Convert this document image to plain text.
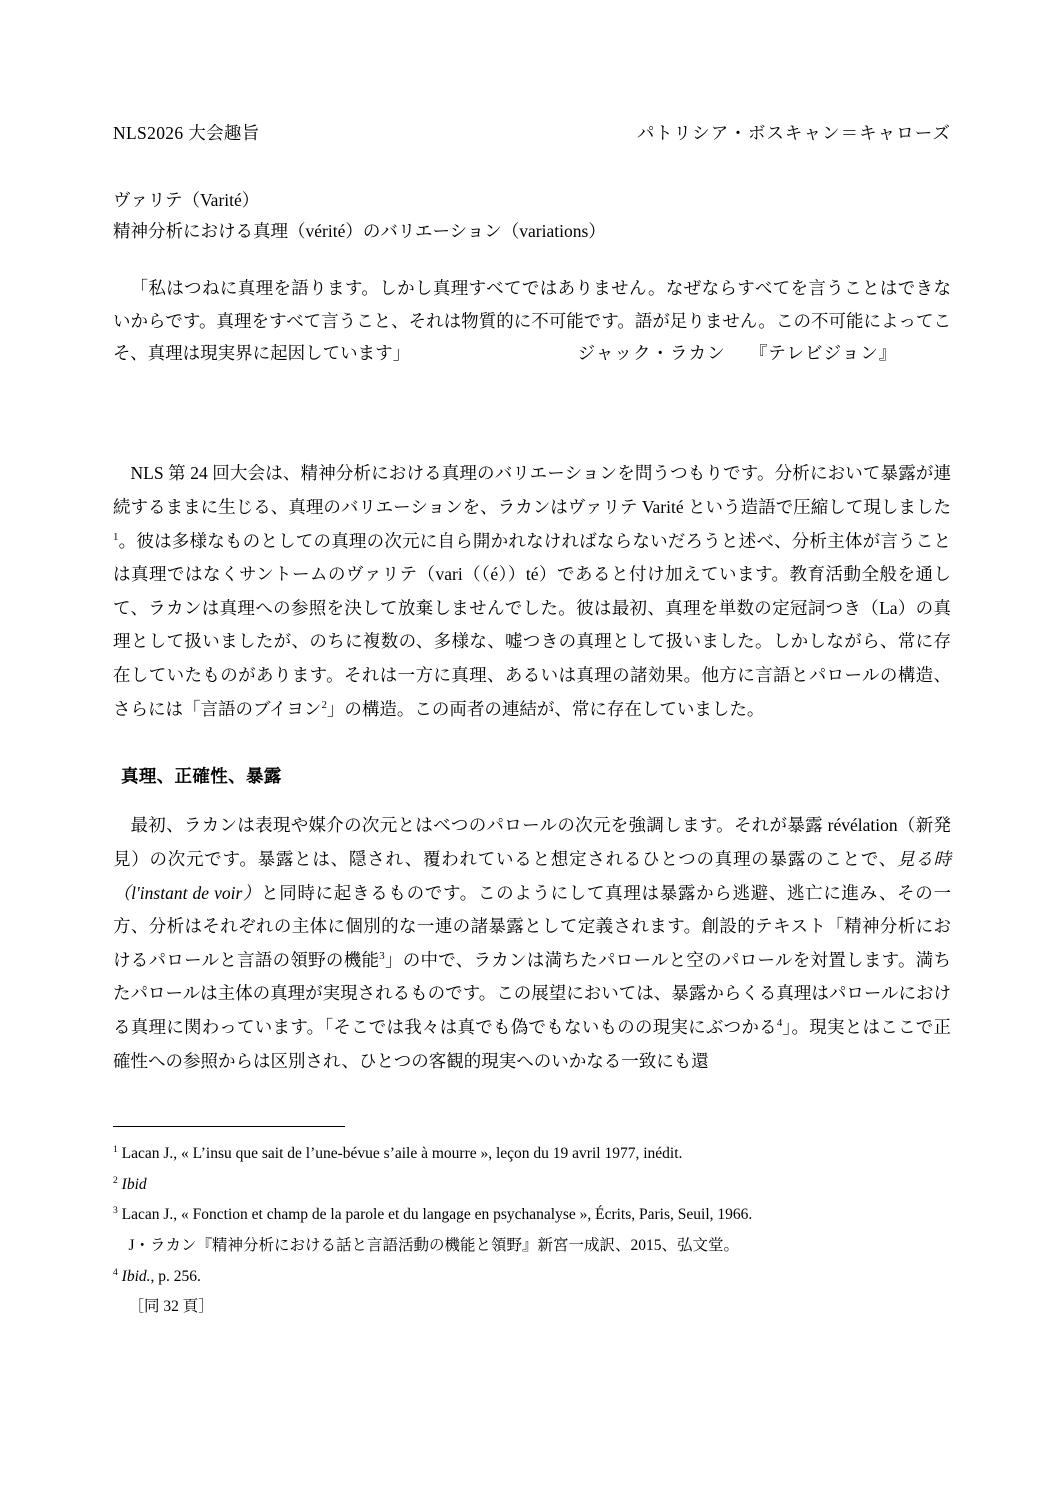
NLS2026 大会趣旨	パトリシア・ボスキャン＝キャローズ
ヴァリテ（Varité）
精神分析における真理（vérité）のバリエーション（variations）

「私はつねに真理を語ります。しかし真理すべてではありません。なぜならすべてを言うことはできないからです。真理をすべて言うこと、それは物質的に不可能です。語が足りません。この不可能によってこそ、真理は現実界に起因しています」	ジャック・ラカン 『テレビジョン』

NLS 第 24 回大会は、精神分析における真理のバリエーションを問うつもりです。分析において暴露が連続するままに生じる、真理のバリエーションを、ラカンはヴァリテ Varité という造語で圧縮して現しました$^1$。彼は多様なものとしての真理の次元に自ら開かれなければならないだろうと述べ、分析主体が言うことは真理ではなくサントームのヴァリテ（vari（（é））té）であると付け加えています。教育活動全般を通して、ラカンは真理への参照を決して放棄しませんでした。彼は最初、真理を単数の定冠詞つき（La）の真理として扱いましたが、のちに複数の、多様な、嘘つきの真理として扱いました。しかしながら、常に存在していたものがあります。それは一方に真理、あるいは真理の諸効果。他方に言語とパロールの構造、さらには「言語のブイヨン$^2$」の構造。この両者の連結が、常に存在していました。

真理、正確性、暴露

最初、ラカンは表現や媒介の次元とはべつのパロールの次元を強調します。それが暴露 révélation（新発見）の次元です。暴露とは、隠され、覆われていると想定されるひとつの真理の暴露のことで、見る時（l'instant de voir）と同時に起きるものです。このようにして真理は暴露から逃避、逃亡に進み、その一方、分析はそれぞれの主体に個別的な一連の諸暴露として定義されます。創設的テキスト「精神分析におけるパロールと言語の領野の機能$^3$」の中で、ラカンは満ちたパロールと空のパロールを対置します。満ちたパロールは主体の真理が実現されるものです。この展望においては、暴露からくる真理はパロールにおける真理に関わっています。「そこでは我々は真でも偽でもないものの現実にぶつかる$^4$」。現実とはここで正確性への参照からは区別され、ひとつの客観的現実へのいかなる一致にも還

$^1$ Lacan J., « L’insu que sait de l’une-bévue s’aile à mourre », leçon du 19 avril 1977, inédit.

$^2$ Ibid

$^3$ Lacan J., « Fonction et champ de la parole et du langage en psychanalyse », Écrits, Paris, Seuil, 1966.

J・ラカン『精神分析における話と言語活動の機能と領野』新宮一成訳、2015、弘文堂。

$^4$ Ibid., p. 256.

［同 32 頁］
